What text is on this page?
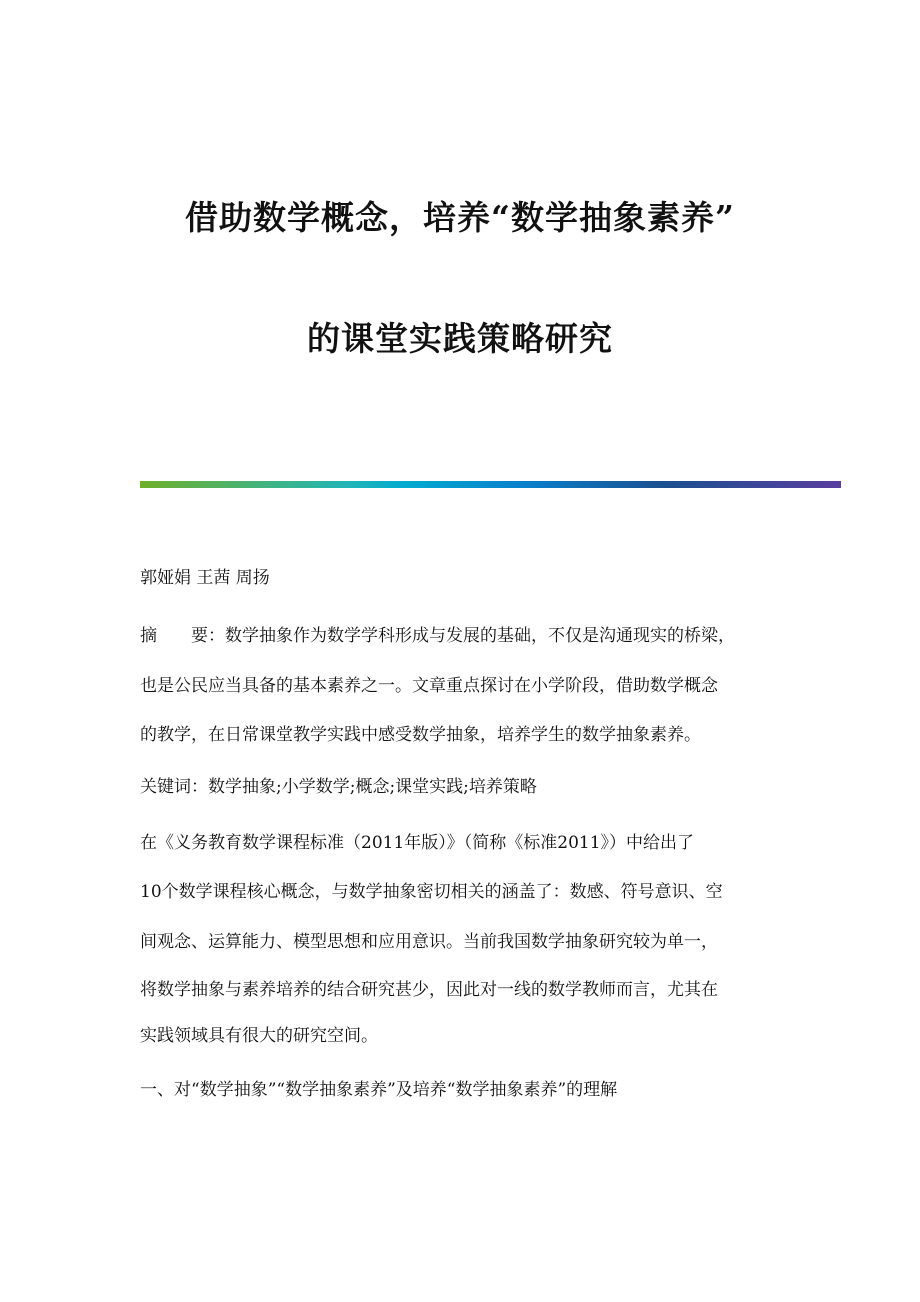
借助数学概念，培养“数学抽象素养”
的课堂实践策略研究
郭娅娟 王茜 周扬
摘　　要：数学抽象作为数学学科形成与发展的基础，不仅是沟通现实的桥梁，
也是公民应当具备的基本素养之一。文章重点探讨在小学阶段，借助数学概念
的教学，在日常课堂教学实践中感受数学抽象，培养学生的数学抽象素养。
关键词：数学抽象;小学数学;概念;课堂实践;培养策略
在《义务教育数学课程标准（2011年版）》（简称《标准2011》）中给出了
10个数学课程核心概念，与数学抽象密切相关的涵盖了：数感、符号意识、空
间观念、运算能力、模型思想和应用意识。当前我国数学抽象研究较为单一，
将数学抽象与素养培养的结合研究甚少，因此对一线的数学教师而言，尤其在
实践领域具有很大的研究空间。
一、对“数学抽象”“数学抽象素养”及培养“数学抽象素养”的理解
